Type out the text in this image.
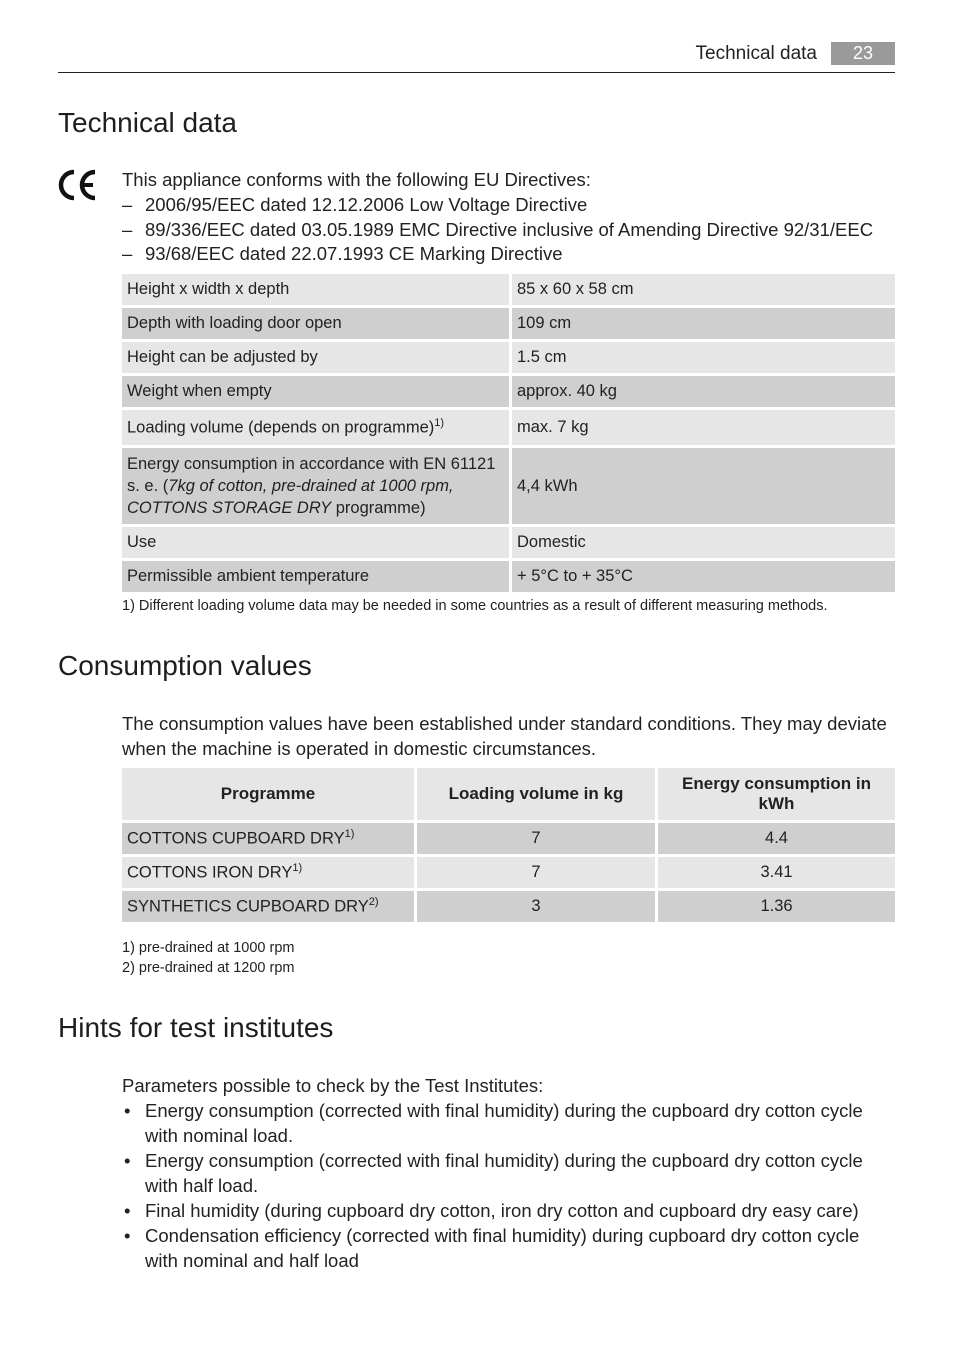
Technical data	23
Technical data
This appliance conforms with the following EU Directives:
– 2006/95/EEC dated 12.12.2006 Low Voltage Directive
– 89/336/EEC dated 03.05.1989 EMC Directive inclusive of Amending Directive 92/31/EEC
– 93/68/EEC dated 22.07.1993 CE Marking Directive
Height x width x depth	85 x 60 x 58 cm
Depth with loading door open	109 cm
Height can be adjusted by	1.5 cm
Weight when empty	approx. 40 kg
Loading volume (depends on programme)$^{1)}$	max. 7 kg
Energy consumption in accordance with EN 61121 s. e. (7kg of cotton, pre-drained at 1000 rpm, COTTONS STORAGE DRY programme)	4,4 kWh
Use	Domestic
Permissible ambient temperature	+ 5°C to + 35°C
1) Different loading volume data may be needed in some countries as a result of different measuring methods.
Consumption values
The consumption values have been established under standard conditions. They may deviate when the machine is operated in domestic circumstances.
Programme	Loading volume in kg	Energy consumption in kWh
COTTONS CUPBOARD DRY$^{1)}$	7	4.4
COTTONS IRON DRY$^{1)}$	7	3.41
SYNTHETICS CUPBOARD DRY$^{2)}$	3	1.36
1) pre-drained at 1000 rpm
2) pre-drained at 1200 rpm
Hints for test institutes
Parameters possible to check by the Test Institutes:
• Energy consumption (corrected with final humidity) during the cupboard dry cotton cycle with nominal load.
• Energy consumption (corrected with final humidity) during the cupboard dry cotton cycle with half load.
• Final humidity (during cupboard dry cotton, iron dry cotton and cupboard dry easy care)
• Condensation efficiency (corrected with final humidity) during cupboard dry cotton cycle with nominal and half load
